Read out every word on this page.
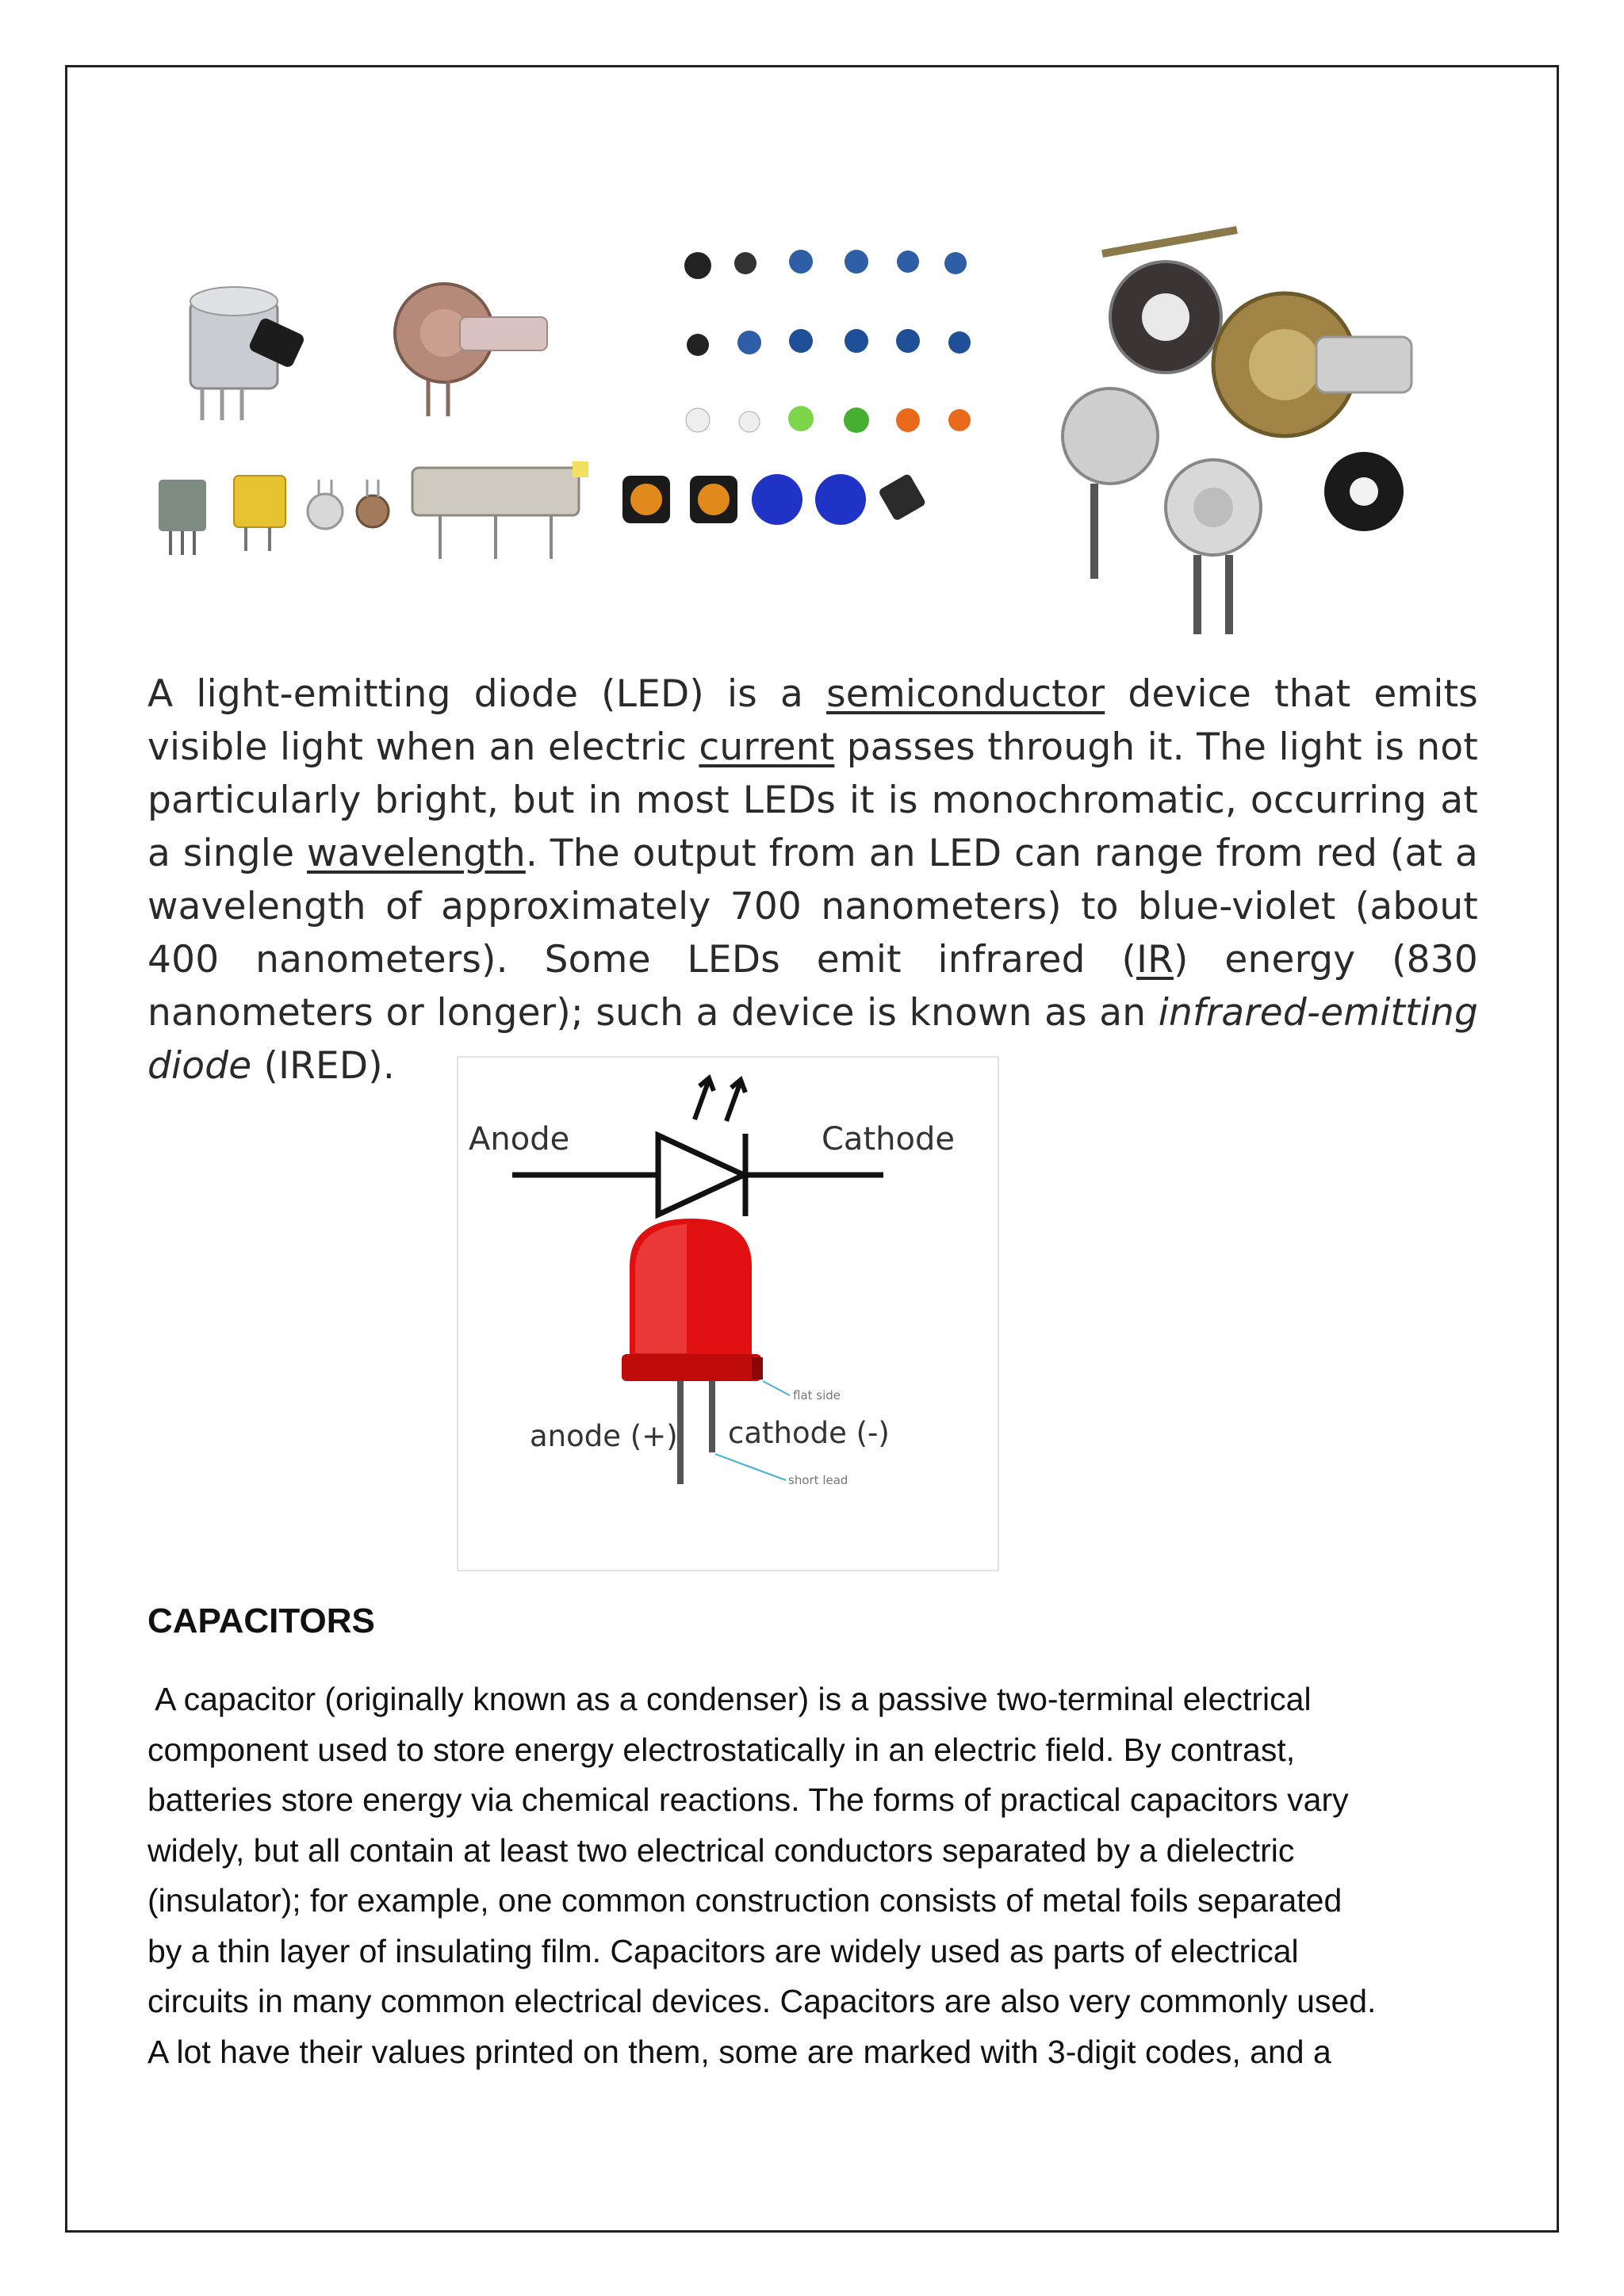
A light-emitting diode (LED) is a semiconductor device that emits visible light when an electric current passes through it. The light is not particularly bright, but in most LEDs it is monochromatic, occurring at a single wavelength. The output from an LED can range from red (at a wavelength of approximately 700 nanometers) to blue-violet (about 400 nanometers). Some LEDs emit infrared (IR) energy (830 nanometers or longer); such a device is known as an infrared-emitting diode (IRED).

Anode	Cathode
flat side
anode (+) cathode (-)
short lead
CAPACITORS
A capacitor (originally known as a condenser) is a passive two-terminal electrical
component used to store energy electrostatically in an electric field. By contrast,
batteries store energy via chemical reactions. The forms of practical capacitors vary
widely, but all contain at least two electrical conductors separated by a dielectric
(insulator); for example, one common construction consists of metal foils separated
by a thin layer of insulating film. Capacitors are widely used as parts of electrical
circuits in many common electrical devices. Capacitors are also very commonly used.
A lot have their values printed on them, some are marked with 3-digit codes, and a
